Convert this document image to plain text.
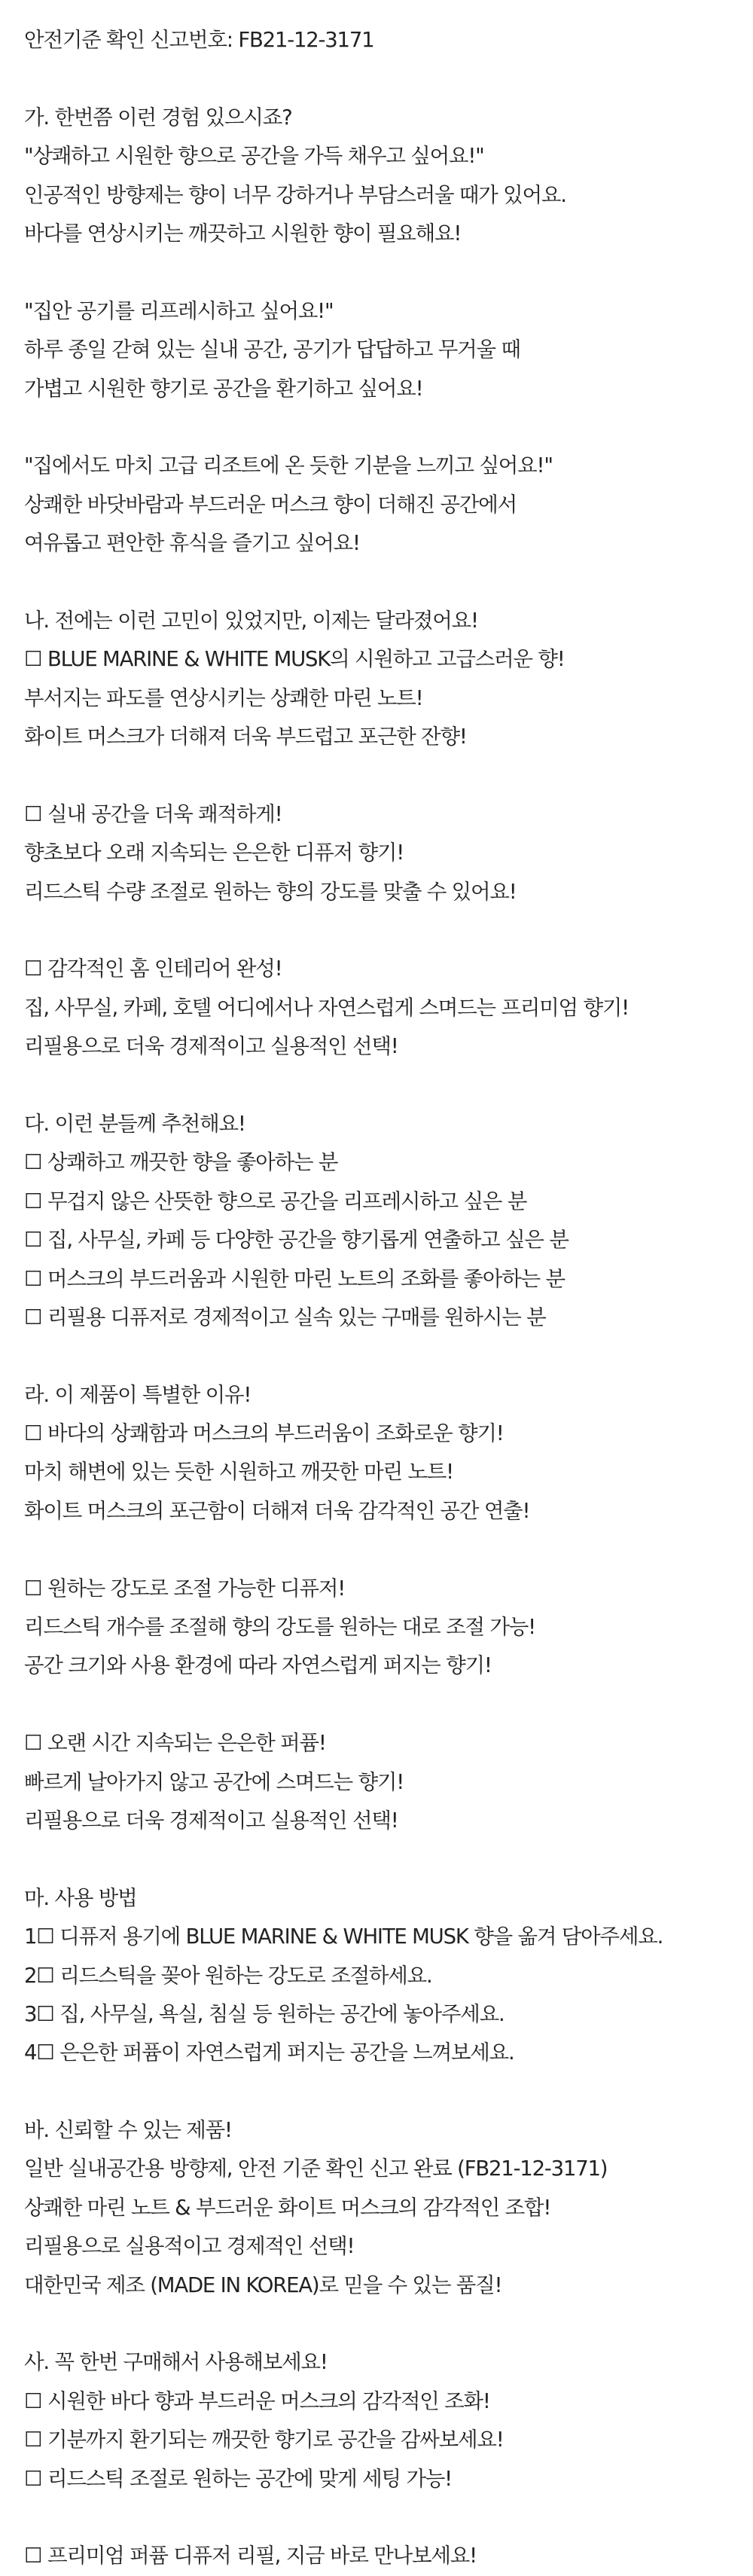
안전기준 확인 신고번호: FB21-12-3171
가. 한번쯤 이런 경험 있으시죠?
"상쾌하고 시원한 향으로 공간을 가득 채우고 싶어요!"
인공적인 방향제는 향이 너무 강하거나 부담스러울 때가 있어요.
바다를 연상시키는 깨끗하고 시원한 향이 필요해요!
"집안 공기를 리프레시하고 싶어요!"
하루 종일 갇혀 있는 실내 공간, 공기가 답답하고 무거울 때
가볍고 시원한 향기로 공간을 환기하고 싶어요!
"집에서도 마치 고급 리조트에 온 듯한 기분을 느끼고 싶어요!"
상쾌한 바닷바람과 부드러운 머스크 향이 더해진 공간에서
여유롭고 편안한 휴식을 즐기고 싶어요!
나. 전에는 이런 고민이 있었지만, 이제는 달라졌어요!
☐ BLUE MARINE & WHITE MUSK의 시원하고 고급스러운 향!
부서지는 파도를 연상시키는 상쾌한 마린 노트!
화이트 머스크가 더해져 더욱 부드럽고 포근한 잔향!
☐ 실내 공간을 더욱 쾌적하게!
향초보다 오래 지속되는 은은한 디퓨저 향기!
리드스틱 수량 조절로 원하는 향의 강도를 맞출 수 있어요!
☐ 감각적인 홈 인테리어 완성!
집, 사무실, 카페, 호텔 어디에서나 자연스럽게 스며드는 프리미엄 향기!
리필용으로 더욱 경제적이고 실용적인 선택!
다. 이런 분들께 추천해요!
☐ 상쾌하고 깨끗한 향을 좋아하는 분
☐ 무겁지 않은 산뜻한 향으로 공간을 리프레시하고 싶은 분
☐ 집, 사무실, 카페 등 다양한 공간을 향기롭게 연출하고 싶은 분
☐ 머스크의 부드러움과 시원한 마린 노트의 조화를 좋아하는 분
☐ 리필용 디퓨저로 경제적이고 실속 있는 구매를 원하시는 분
라. 이 제품이 특별한 이유!
☐ 바다의 상쾌함과 머스크의 부드러움이 조화로운 향기!
마치 해변에 있는 듯한 시원하고 깨끗한 마린 노트!
화이트 머스크의 포근함이 더해져 더욱 감각적인 공간 연출!
☐ 원하는 강도로 조절 가능한 디퓨저!
리드스틱 개수를 조절해 향의 강도를 원하는 대로 조절 가능!
공간 크기와 사용 환경에 따라 자연스럽게 퍼지는 향기!
☐ 오랜 시간 지속되는 은은한 퍼퓸!
빠르게 날아가지 않고 공간에 스며드는 향기!
리필용으로 더욱 경제적이고 실용적인 선택!
마. 사용 방법
1☐ 디퓨저 용기에 BLUE MARINE & WHITE MUSK 향을 옮겨 담아주세요.
2☐ 리드스틱을 꽂아 원하는 강도로 조절하세요.
3☐ 집, 사무실, 욕실, 침실 등 원하는 공간에 놓아주세요.
4☐ 은은한 퍼퓸이 자연스럽게 퍼지는 공간을 느껴보세요.
바. 신뢰할 수 있는 제품!
일반 실내공간용 방향제, 안전 기준 확인 신고 완료 (FB21-12-3171)
상쾌한 마린 노트 & 부드러운 화이트 머스크의 감각적인 조합!
리필용으로 실용적이고 경제적인 선택!
대한민국 제조 (MADE IN KOREA)로 믿을 수 있는 품질!
사. 꼭 한번 구매해서 사용해보세요!
☐ 시원한 바다 향과 부드러운 머스크의 감각적인 조화!
☐ 기분까지 환기되는 깨끗한 향기로 공간을 감싸보세요!
☐ 리드스틱 조절로 원하는 공간에 맞게 세팅 가능!
☐ 프리미엄 퍼퓸 디퓨저 리필, 지금 바로 만나보세요!
